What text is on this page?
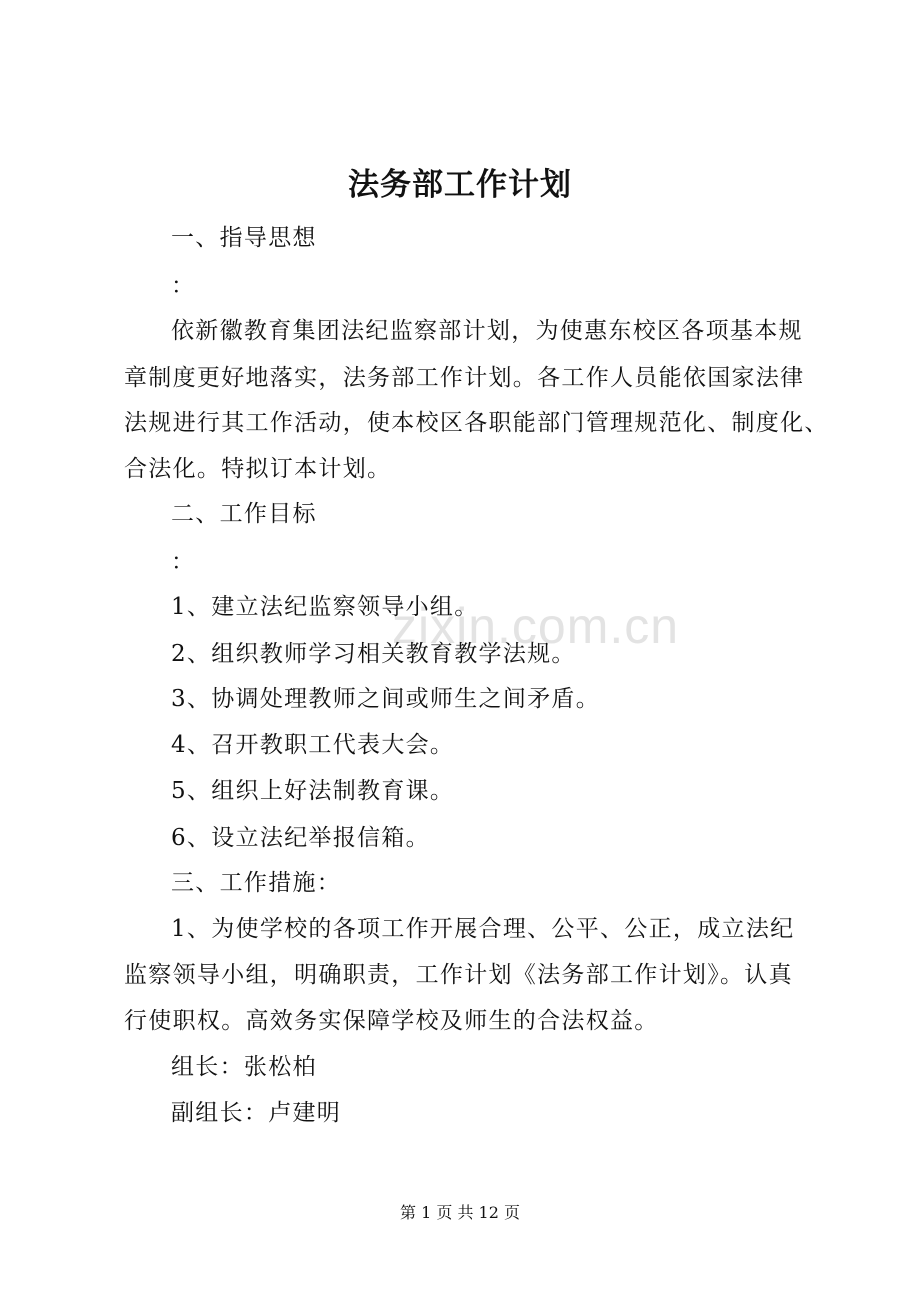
zixin.com.cn
法务部工作计划
一、指导思想
：
依新徽教育集团法纪监察部计划，为使惠东校区各项基本规
章制度更好地落实，法务部工作计划。各工作人员能依国家法律
法规进行其工作活动，使本校区各职能部门管理规范化、制度化、
合法化。特拟订本计划。
二、工作目标
：
1、建立法纪监察领导小组。
2、组织教师学习相关教育教学法规。
3、协调处理教师之间或师生之间矛盾。
4、召开教职工代表大会。
5、组织上好法制教育课。
6、设立法纪举报信箱。
三、工作措施：
1、为使学校的各项工作开展合理、公平、公正，成立法纪
监察领导小组，明确职责，工作计划《法务部工作计划》。认真
行使职权。高效务实保障学校及师生的合法权益。
组长：张松柏
副组长：卢建明
第 1 页 共 12 页
